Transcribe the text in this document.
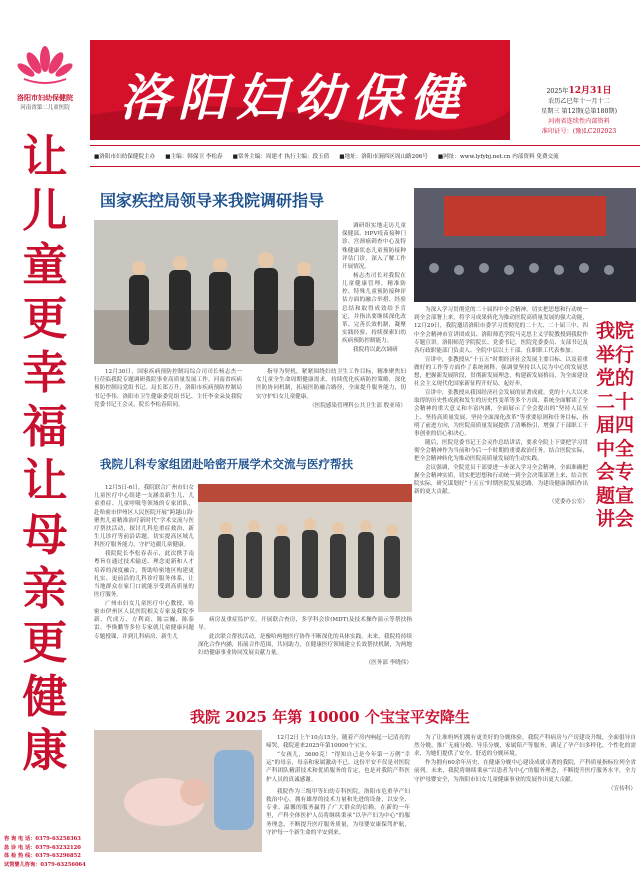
洛阳市妇幼保健院
河南省第二儿童医院
让儿童更幸福 让母亲更健康
咨 询 电 话：0379-63258363
急 诊 电 话：0379-63232120
体 检 热 线：0379-63296852
试管婴儿咨询：0379-63256064
洛阳妇幼保健	2025年12月31日
农历乙巳年十一月十二
星期三 第12期(总第180期)
河南省连续性内部资料
准印证号：(豫)LC202023
■洛阳市妇幼保健院主办 ■主编：韩保卫 李松春 ■常务主编：周建才 执行主编：段玉倩 ■地址：洛阳市涧西区周山路206号 ■网址：www.lyfybj.net.cn 内部资料 免费交流
国家疾控局领导来我院调研指导

调研组实地走访儿童保健部、HPV疫苗接种门诊、宫颈癌筛查中心及特殊健康状态儿童预防接种评估门诊，深入了解工作开展情况。

杨志杰司长对我院在儿童健康管理、精准防控、特殊儿童预防接种评估方面的融合举措、经验总结和取得成效给予肯定，并指出要继续深化改革、完善长效机制，凝聚实践经验，持续探索妇幼疾病预防控制能力。

我院将以此次调研

12月30日，国家疾病预防控制局综合司司长杨志杰一行莅临我院专题调研我院事业高质量发展工作。河南省疾病预防控制局党组书记、局长郑万升，洛阳市疾病预防控制局书记李伟、洛阳市卫生健康委党组书记、主任李金朵及我院党委书记王会灵、院长李松春陪同。

指导为契机，紧紧围绕妇幼卫生工作目标，精准聚焦妇女儿童全生命周期健康需求，持续优化疾病防控策略，深化医防协同机制，拓展医防融合路径，全面提升服务能力，切实守护妇女儿童健康。

（医院感染管理科公共卫生部 殷亚琦）
我院儿科专家组团赴哈密开展学术交流与医疗帮扶

12月5日-6日，我院联合广州市妇女儿童医疗中心组建一支涵盖新生儿、儿童重症、儿童呼吸等领域的专家团队，赴哈密市伊州区人民医院开展“跨越山海·聚焦儿童精准治疗新时代”学术交流与医疗帮扶活动，探讨儿科危重症救治、新生儿诊疗等前沿话题，切实提高区域儿科医疗服务能力，守护边疆儿童健康。

我院院长李松春表示，此次携手南粤旨在通过技术输送、理念更新和人才培养的深度融合，帮助哈密地区构建更扎实、更前沿的儿科诊疗服务体系，让当地群众在家门口就能享受到高质量的医疗服务。

广州市妇女儿童医疗中心教授、哈密市伊州区人民医院相关专家及我院李新、代成万、方利商、陈宗巍、陈泰雷、李焕鹏等多位专家就儿童健康问题专题授课，并到儿科病房、新生儿

病房及重症监护室，开展联合查房，多学科会诊(MDT)及技术操作演示等帮扶指导。

此次联合帮扶活动，是豫哈两地医疗协作不断深化的具体实践。未来，我院将持续深化合作内涵，拓展合作范围，共同助力，在健康医疗领域建立长效帮扶机制，为两地妇幼健康事业协同发展贡献力量。

（医务部 李晓伟）

为深入学习贯彻党的二十届四中全会精神，切实把思想和行动统一到全会部署上来，将学习成果转化为推动医院高质量发展的强大动能，12月29日，我院邀请洛阳市委学习贯彻党的二十大、二十届三中、四中全会精神市宣讲团成员、洛阳师范学院马克思主义学院教授到我院作专题宣讲。洛阳师范学院院长、党委书记，医院党委委员、支部书记及各行政职能部门负责人、全院中层以上干部、在职职工代表参加。

宣讲中，张教授从“十五五”时期经济社会发展主要目标、以及着重做好的工作等方面作了系统阐释，强调要坚持以人民为中心的发展思想，把握新发展阶段，贯彻新发展理念，构建新发展格局，为全面建设社会主义现代化国家新征程开好局、起好步。

宣讲中，张教授从我国经济社会发展的显著成就、党的十八大以来取得的历史性成就和发生的历史性变革等多个方面，系统全面解读了全会精神的重大意义和丰富内涵，全面展示了全会提出的“坚持人民至上、坚持高质量发展、坚持全面深化改革”等重要原则和任务目标，指明了前进方向，为医院高质量发展提供了清晰指引，增强了干部职工干事创业的信心和决心。

随后，医院党委书记王会灵作总结讲话，要求全院上下要把学习贯彻全会精神作为当前和今后一个时期的重要政治任务，结合医院实际，把全会精神转化为推动医院高质量发展的生动实践。

会议强调，全院党员干部要进一步深入学习全会精神，全面准确把握全会精神实质，切实把思想和行动统一到全会决策部署上来，结合医院实际，研究谋划好“十五五”时期医院发展思路，为建设健康洛阳作出新的更大贡献。

（党委办公室）
我院举行党的二十届四中全会专题宣讲会
我院 2025 年第 10000 个宝宝平安降生

12月2日上午10点15分，随着产房内响起一记清亮的啼哭，我院迎来2025年第10000个宝宝。

“女孩儿，3600克！”得知自己是今年第一万例“幸运”的母亲，母亲和家属激动不已。这份平安不仅是对医院产科团队精湛技术和优质服务的肯定，也是对我院产科医护人员的真诚感谢。

我院作为三级甲等妇幼专科医院，洛阳市危重孕产妇救治中心，拥有雄厚的技术力量和先进的设备，以安全、专业、温馨的服务赢得了广大群众的信赖。在新的一年里，产科全体医护人员将继续秉承“以孕产妇为中心”的服务理念，不断提升医疗服务质量，为母婴安康保驾护航，守护每一个新生命的平安到来。

为了让准妈妈们拥有更美好的分娩体验，我院产科病房与产房建设升级，全面倡导自然分娩，推广无痛分娩、导乐分娩、家属陪产等服务，满足了孕产妇多样化、个性化的需求，为她们提供了安全、舒适的分娩环境。

作为拥有60余年历史、在健康分娩中心建设成就卓著的我院，产科质量指标位列全省前列。未来，我院将继续秉承“以患者为中心”的服务理念，不断提升医疗服务水平，全力守护母婴安全，为洛阳市妇女儿童健康事业的发展作出更大贡献。

（宣传科）
